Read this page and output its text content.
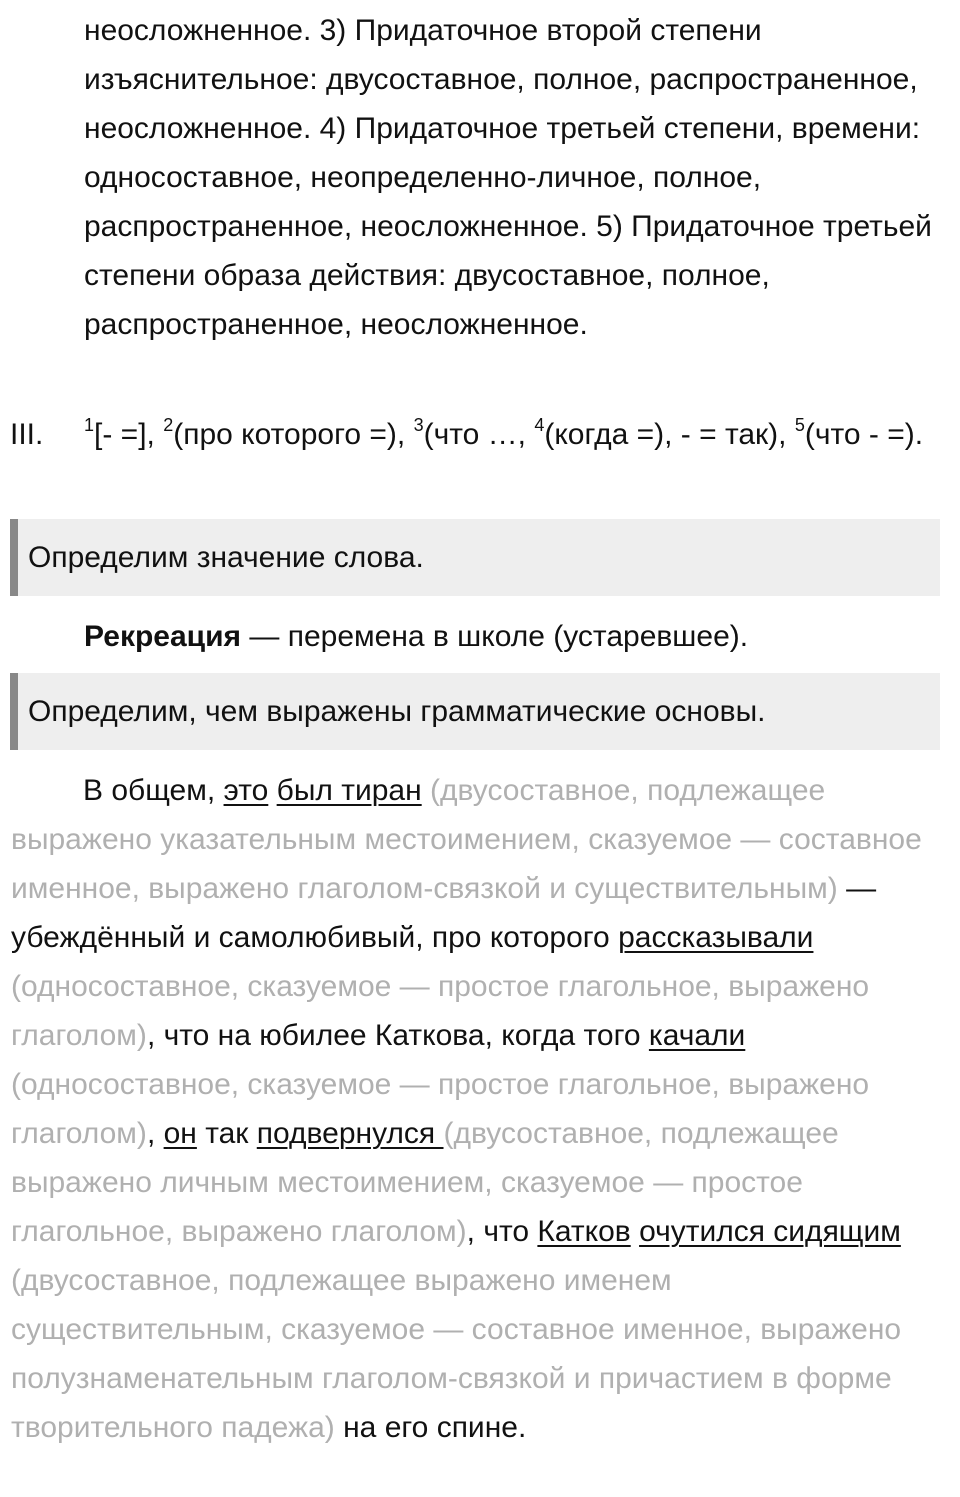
неосложненное. 3) Придаточное второй степени изъяснительное: двусоставное, полное, распространенное, неосложненное. 4) Придаточное третьей степени, времени: односоставное, неопределенно-личное, полное, распространенное, неосложненное. 5) Придаточное третьей степени образа действия: двусоставное, полное, распространенное, неосложненное.

III. $^1$[- =], $^2$(про которого =), $^3$(что …, $^4$(когда =), - = так), $^5$(что - =).
Определим значение слова.
Рекреация — перемена в школе (устаревшее).
Определим, чем выражены грамматические основы.

В общем, это был тиран (двусоставное, подлежащее выражено указательным местоимением, сказуемое — составное именное, выражено глаголом-связкой и существительным) — убеждённый и самолюбивый, про которого рассказывали (односоставное, сказуемое — простое глагольное, выражено глаголом), что на юбилее Каткова, когда того качали (односоставное, сказуемое — простое глагольное, выражено глаголом), он так подвернулся (двусоставное, подлежащее выражено личным местоимением, сказуемое — простое глагольное, выражено глаголом), что Катков очутился сидящим (двусоставное, подлежащее выражено именем существительным, сказуемое — составное именное, выражено полузнаменательным глаголом-связкой и причастием в форме творительного падежа) на его спине.
